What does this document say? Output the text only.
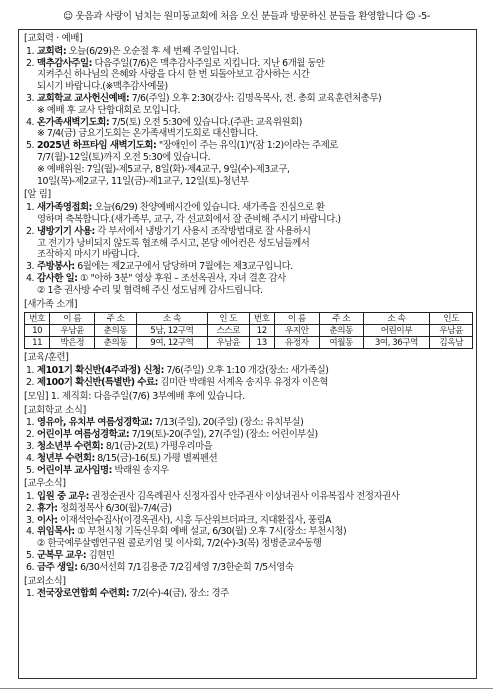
☺ 웃음과 사랑이 넘치는 원미동교회에 처음 오신 분들과 방문하신 분들을 환영합니다 ☺ -5-
[교회력 · 예배]
1. 교회력: 오늘(6/29)은 오순절 후 세 번째 주일입니다.
2. 맥추감사주일: 다음주일(7/6)은 맥추감사주일로 지킵니다. 지난 6개월 동안
지켜주신 하나님의 은혜와 사랑을 다시 한 번 되돌아보고 감사하는 시간
되시기 바랍니다.(※맥추감사예물)
3. 교회학교 교사헌신예배: 7/6(주일) 오후 2:30(강사: 김명옥목사, 전. 총회 교육훈련처총무)
※ 예배 후 교사 단합대회로 모입니다.
4. 온가족새벽기도회: 7/5(토) 오전 5:30에 있습니다.(주관: 교육위원회)
※ 7/4(금) 금요기도회는 온가족새벽기도회로 대신합니다.
5. 2025년 하프타임 새벽기도회: "장애인이 주는 유익(1)"(잠 1:2)이라는 주제로
7/7(월)-12일(토)까지 오전 5:30에 있습니다.
※ 예배위원: 7일(월)-제5교구, 8일(화)-제4교구, 9일(수)-제3교구,
10일(목)-제2교구, 11일(금)-제1교구, 12일(토)-청년부
[알 림]
1. 새가족영접회: 오늘(6/29) 찬양예배시간에 있습니다. 새가족을 진심으로 환
영하며 축복합니다.(새가족부, 교구, 각 선교회에서 잘 준비해 주시기 바랍니다.)
2. 냉방기기 사용: 각 부서에서 냉방기기 사용시 조작방법대로 잘 사용하시
고 전기가 낭비되지 않도록 협조해 주시고, 본당 에어컨은 성도님들께서
조작하지 마시기 바랍니다.
3. 주방봉사: 6월에는 제2교구에서 담당하며 7월에는 제3교구입니다.
4. 감사한 일: ① "아하 3분" 영상 후원 – 조선옥권사, 자녀 결혼 감사
② 1층 권사방 수리 및 협력해 주신 성도님께 감사드립니다.
[새가족 소개]
번호	이 름	주 소	소 속	인 도	번호	이 름	주 소	소 속	인도
10	우남윤	춘의동	5남, 12구역	스스로	12	우지안	춘의동	어린이부	우남윤
11	박은정	춘의동	9여, 12구역	우남윤	13	유정자	여월동	3여, 36구역	김옥남
[교육/훈련]
1. 제101기 확신반(4주과정) 신청: 7/6(주일) 오후 1:10 개강(장소: 새가족실)
2. 제100기 확신반(특별반) 수료: 김미란 박래원 서계옥 송지우 유정자 이은혁
[모임] 1. 제직회: 다음주일(7/6) 3부예배 후에 있습니다.
[교회학교 소식]
1. 영유아, 유치부 여름성경학교: 7/13(주일), 20(주일) (장소: 유치부실)
2. 어린이부 여름성경학교: 7/19(토)-20(주일), 27(주일) (장소: 어린이부실)
3. 청소년부 수련회: 8/1(금)-2(토) 가평우리마을
4. 청년부 수련회: 8/15(금)-16(토) 가평 별찌펜션
5. 어린이부 교사임명: 박래원 송지우
[교우소식]
1. 입원 중 교우: 권정순권사 김옥례권사 신정자집사 안주권사 이상녀권사 이유복집사 전정자권사
2. 휴가: 정희정목사 6/30(월)-7/4(금)
3. 이사: 이재석안수집사(이경옥권사), 시흥 두산위브더파크, 지대환집사, 풍림A
4. 위임목사: ① 부천시청 기독신우회 예배 설교, 6/30(월) 오후 7시(장소: 부천시청)
② 한국예루살렘연구원 콜로키엄 및 이사회, 7/2(수)-3(목) 정병준교수동행
5. 군복무 교우: 김현민
6. 금주 생일: 6/30서선희 7/1김용준 7/2김세영 7/3한순희 7/5서영숙
[교외소식]
1. 전국장로연합회 수련회: 7/2(수)-4(금), 장소: 경주
